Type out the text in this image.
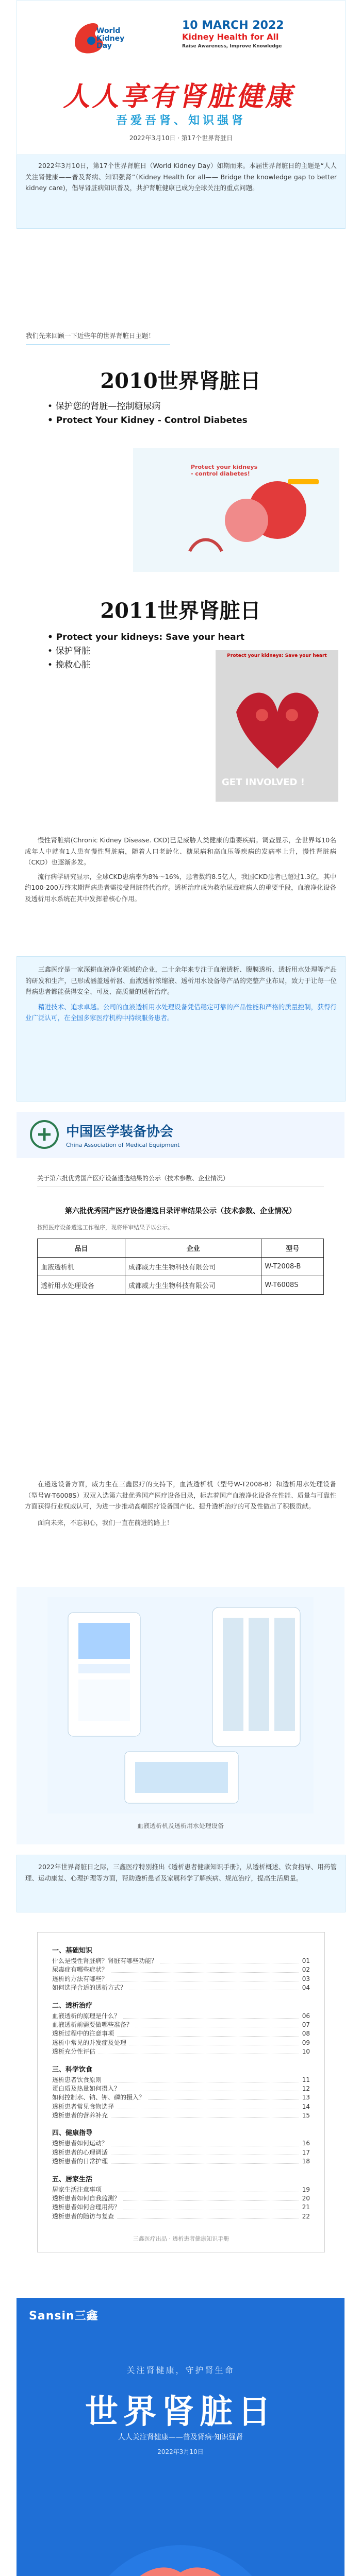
World Kidney Day
10 MARCH 2022
Kidney Health for All
Raise Awareness, Improve Knowledge
人人享有肾脏健康
吾爱吾肾、知识强肾
2022年3月10日 · 第17个世界肾脏日

2022年3月10日，第17个世界肾脏日（World Kidney Day）如期而来。本届世界肾脏日的主题是“人人关注肾健康——普及肾病、知识强肾”（Kidney Health for all—— Bridge the knowledge gap to better kidney care)，倡导肾脏病知识普及，共护肾脏健康已成为全球关注的重点问题。

我们先来回顾一下近些年的世界肾脏日主题！
2010世界肾脏日
• 保护您的肾脏—控制糖尿病
• Protect Your Kidney - Control Diabetes
Protect your kidneys - control diabetes!
2011世界肾脏日
• Protect your kidneys: Save your heart
• 保护肾脏
• 挽救心脏
Protect your kidneys: Save your heart
GET INVOLVED !

慢性肾脏病(Chronic Kidney Disease. CKD)已是威胁人类健康的重要疾病。调查显示，全世界每10名成年人中就有1人患有慢性肾脏病，随着人口老龄化、糖尿病和高血压等疾病的发病率上升，慢性肾脏病（CKD）也逐渐多发。

流行病学研究显示，全球CKD患病率为8%～16%，患者数约8.5亿人，我国CKD患者已超过1.3亿，其中约100-200万终末期肾病患者需接受肾脏替代治疗。透析治疗成为救治尿毒症病人的重要手段，血液净化设备及透析用水系统在其中发挥着核心作用。

三鑫医疗是一家深耕血液净化领域的企业，二十余年来专注于血液透析、腹膜透析、透析用水处理等产品的研发和生产，已形成涵盖透析器、血液透析浓缩液、透析用水设备等产品的完整产业布局，致力于让每一位肾病患者都能获得安全、可及、高质量的透析治疗。

精进技术、追求卓越。公司的血液透析用水处理设备凭借稳定可靠的产品性能和严格的质量控制，获得行业广泛认可，在全国多家医疗机构中持续服务患者。

中国医学装备协会
China Association of Medical Equipment
关于第六批优秀国产医疗设备遴选结果的公示（技术参数、企业情况）
第六批优秀国产医疗设备遴选目录评审结果公示（技术参数、企业情况）
按照医疗设备遴选工作程序，现将评审结果予以公示。
品目	企业	型号
血液透析机	成都威力生生物科技有限公司	W-T2008-B
透析用水处理设备	成都威力生生物科技有限公司	W-T6008S

在遴选设备方面，威力生在三鑫医疗的支持下，血液透析机（型号W-T2008-B）和透析用水处理设备（型号W-T6008S）双双入选第六批优秀国产医疗设备目录，标志着国产血液净化设备在性能、质量与可靠性方面获得行业权威认可，为进一步推动高端医疗设备国产化、提升透析治疗的可及性做出了积极贡献。

面向未来，不忘初心，我们一直在前进的路上！

血液透析机及透析用水处理设备

2022年世界肾脏日之际，三鑫医疗特别推出《透析患者健康知识手册》，从透析概述、饮食指导、用药管理、运动康复、心理护理等方面，帮助透析患者及家属科学了解疾病、规范治疗，提高生活质量。

一、基础知识
什么是慢性肾脏病？肾脏有哪些功能？	01
尿毒症有哪些症状？	02
透析的方法有哪些？	03
如何选择合适的透析方式？	04
二、透析治疗
血液透析的原理是什么？	06
血液透析前需要做哪些准备？	07
透析过程中的注意事项	08
透析中常见的并发症及处理	09
透析充分性评估	10
三、科学饮食
透析患者饮食原则	11
蛋白质及热量如何摄入？	12
如何控制水、钠、钾、磷的摄入？	13
透析患者常见食物选择	14
透析患者的营养补充	15
四、健康指导
透析患者如何运动？	16
透析患者的心理调适	17
透析患者的日常护理	18
五、居家生活
居家生活注意事项	19
透析患者如何自我监测？	20
透析患者如何合理用药？	21
透析患者的随访与复查	22
三鑫医疗出品 · 透析患者健康知识手册
Sansin三鑫
关注肾健康，守护肾生命
世界肾脏日
人人关注肾健康——普及肾病·知识强肾
2022年3月10日
